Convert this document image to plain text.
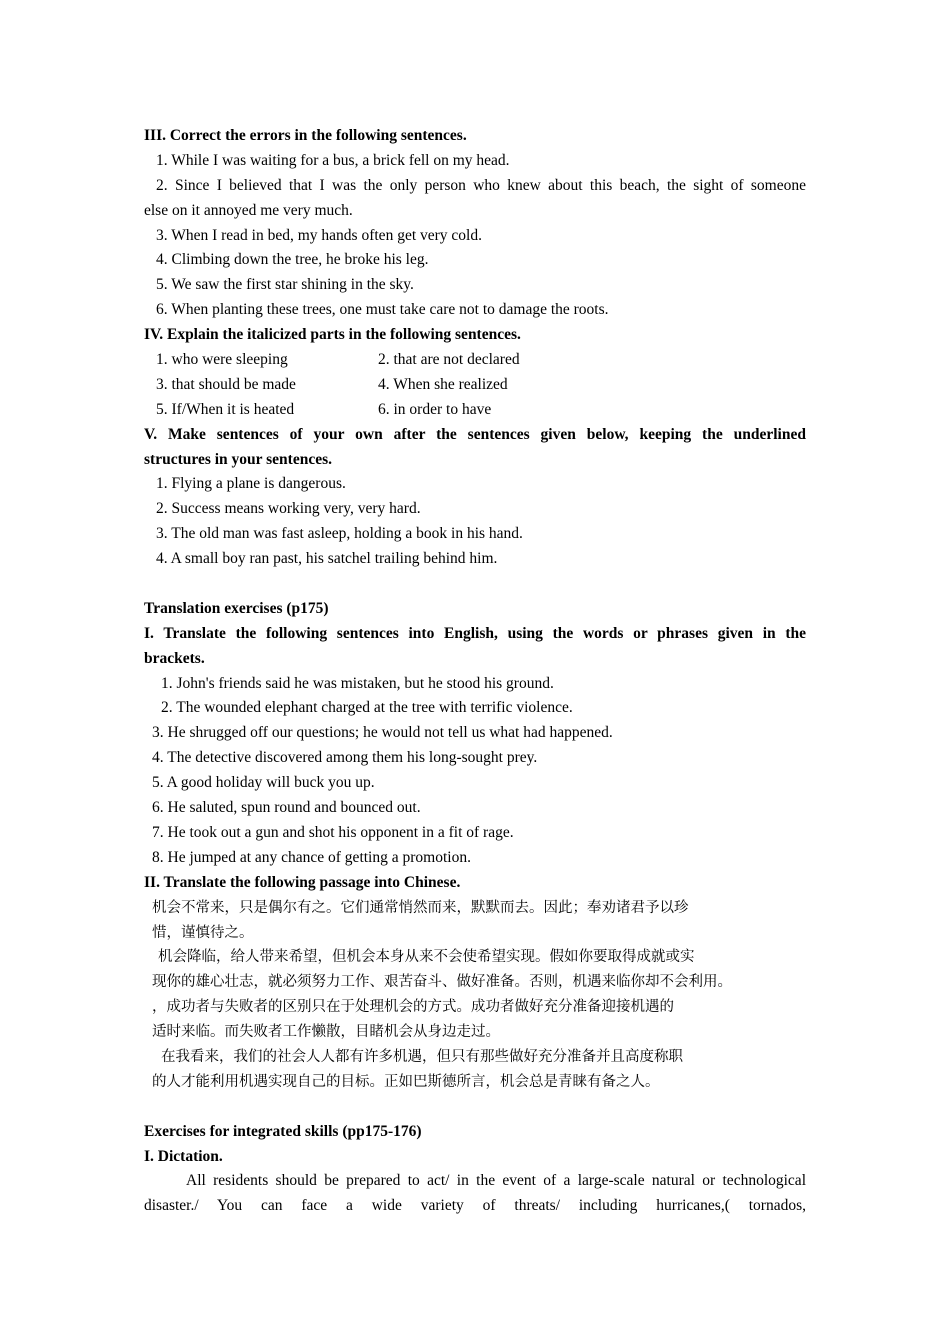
III. Correct the errors in the following sentences.
1. While I was waiting for a bus, a brick fell on my head.
2. Since I believed that I was the only person who knew about this beach, the sight of someone
else on it annoyed me very much.
3. When I read in bed, my hands often get very cold.
4. Climbing down the tree, he broke his leg.
5. We saw the first star shining in the sky.
6. When planting these trees, one must take care not to damage the roots.
IV. Explain the italicized parts in the following sentences.
1. who were sleeping	2. that are not declared
3. that should be made	4. When she realized
5. If/When it is heated	6. in order to have
V. Make sentences of your own after the sentences given below, keeping the underlined
structures in your sentences.
1. Flying a plane is dangerous.
2. Success means working very, very hard.
3. The old man was fast asleep, holding a book in his hand.
4. A small boy ran past, his satchel trailing behind him.
Translation exercises (p175)
I. Translate the following sentences into English, using the words or phrases given in the
brackets.
1. John's friends said he was mistaken, but he stood his ground.
2. The wounded elephant charged at the tree with terrific violence.
3. He shrugged off our questions; he would not tell us what had happened.
4. The detective discovered among them his long-sought prey.
5. A good holiday will buck you up.
6. He saluted, spun round and bounced out.
7. He took out a gun and shot his opponent in a fit of rage.
8. He jumped at any chance of getting a promotion.
II. Translate the following passage into Chinese.
机会不常来，只是偶尔有之。它们通常悄然而来，默默而去。因此；奉劝诸君予以珍
惜，谨慎待之。
机会降临，给人带来希望，但机会本身从来不会使希望实现。假如你要取得成就或实
现你的雄心壮志，就必须努力工作、艰苦奋斗、做好准备。否则，机遇来临你却不会利用。
，成功者与失败者的区别只在于处理机会的方式。成功者做好充分准备迎接机遇的
适时来临。而失败者工作懒散，目睹机会从身边走过。
在我看来，我们的社会人人都有许多机遇，但只有那些做好充分准备并且高度称职
的人才能利用机遇实现自己的目标。正如巴斯德所言，机会总是青睐有备之人。
Exercises for integrated skills (pp175-176)
I. Dictation.
All residents should be prepared to act/ in the event of a large-scale natural or technological
disaster./ You can face a wide variety of threats/ including hurricanes,( tornados,
